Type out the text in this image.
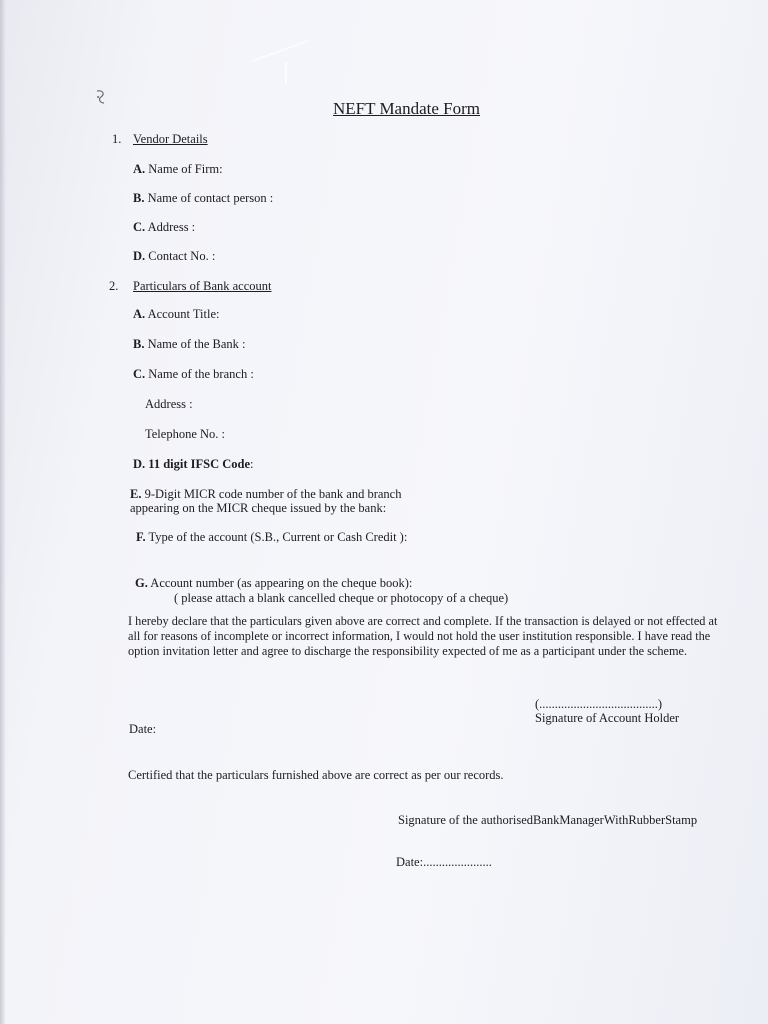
NEFT Mandate Form
1. Vendor Details
A. Name of Firm:
B. Name of contact person :
C. Address :
D. Contact No. :
2. Particulars of Bank account
A. Account Title:
B. Name of the Bank :
C. Name of the branch :
Address :
Telephone No. :
D. 11 digit IFSC Code:
E. 9-Digit MICR code number of the bank and branch
appearing on the MICR cheque issued by the bank:
F. Type of the account (S.B., Current or Cash Credit ):
G. Account number (as appearing on the cheque book):
( please attach a blank cancelled cheque or photocopy of a cheque)
I hereby declare that the particulars given above are correct and complete. If the transaction is delayed or not effected at all for reasons of incomplete or incorrect information, I would not hold the user institution responsible. I have read the option invitation letter and agree to discharge the responsibility expected of me as a participant under the scheme.
(......................................)
Signature of Account Holder
Date:
Certified that the particulars furnished above are correct as per our records.
Signature of the authorisedBankManagerWithRubberStamp
Date:......................
